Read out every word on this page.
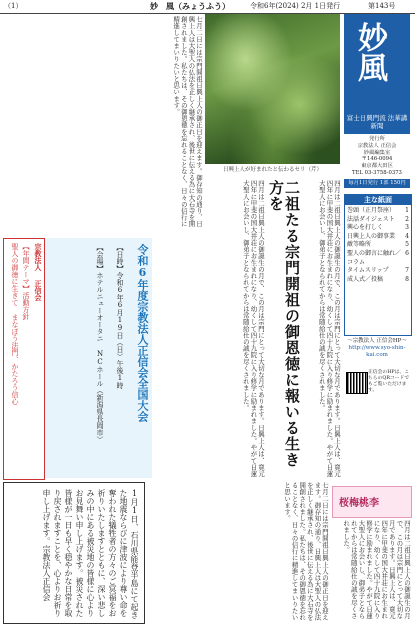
（1）	妙　風（みょうふう）	令和6年(2024) 2月 1日発行	第143号

七月二日には宗門開祖日興上人の御正日を迎えます。御存知の通り、日興上人は大聖人の仏法を正しく継承され、後世に伝える為に大石寺を開創されました。私たちは、その御恩徳を忘れることなく、日々の信行に精進してまいりたいと思います。

日興上人が好まれたと伝わるセリ（芹）
妙風
富士日興門流 法華講新聞
発行所
宗教法人 正信会
妙風編集室
〒146-0094
東京都大田区
TEL 03-3758-0373
毎月1日発行 1部 150円
主な紙面
巻頭（正月祭座） 1
法話ダイジェスト 2
興心を打しく	3
日興上人の御事業 4
敵等略所	5
聖人の御言に触れ／コラム
6
タイムスリップ	7
成人式／投稿	8
～宗教法人 正信会HP～
http://www.syo-shin-kai.com
正信会のHPは、こちらのQRコードでもご覧いただけます。
二祖たる宗門開祖の御恩徳に報いる生き方を

四月は二祖日興上人の御誕生の月で、この月は宗門にとって大切な月であります。日興上人は、寛元四年に甲斐の国大井荘にお生まれになり、幼くして四十九院に入り修学に励まれました。やがて日蓮大聖人にお会いし、御弟子となられてからは常随給仕の誠を尽くされました。	四月は二祖日興上人の御誕生の月で、この月は宗門にとって大切な月であります。日興上人は、寛元四年に甲斐の国大井荘にお生まれになり、幼くして四十九院に入り修学に励まれました。やがて日蓮大聖人にお会いし、御弟子となられてからは常随給仕の誠を尽くされました。

令和6年度宗教法人正信会全国大会
【日時】令和6年6月19日（日）午後1時
【会場】ホテルニューオータニ NCホール（新潟県長岡市）
宗教法人 正信会
【年間テーマ】活動方針
聖人の御徳に生きて まなぼう法門、かたろう信心

1月1日、石川県能登半島にて起きた地震ならびに津波により尊い命を奪われた犠牲者の方々のご冥福をお祈りいたしますとともに、深い悲しみの中にある被災地の皆様に心よりお見舞い申し上げます。被災された皆様が一日も早く穏やかな日常を取り戻されますことを、心よりお祈り申し上げます。宗教法人正信会	七月二日には宗門開祖日興上人の御正日を迎えます。御存知の通り、日興上人は大聖人の仏法を正しく継承され、後世に伝える為に大石寺を開創されました。私たちは、その御恩徳を忘れることなく、日々の信行に精進してまいりたいと思います。	桜梅桃李

四月は二祖日興上人の御誕生の月で、この月は宗門にとって大切な月であります。日興上人は、寛元四年に甲斐の国大井荘にお生まれになり、幼くして四十九院に入り修学に励まれました。やがて日蓮大聖人にお会いし、御弟子となられてからは常随給仕の誠を尽くされました。
